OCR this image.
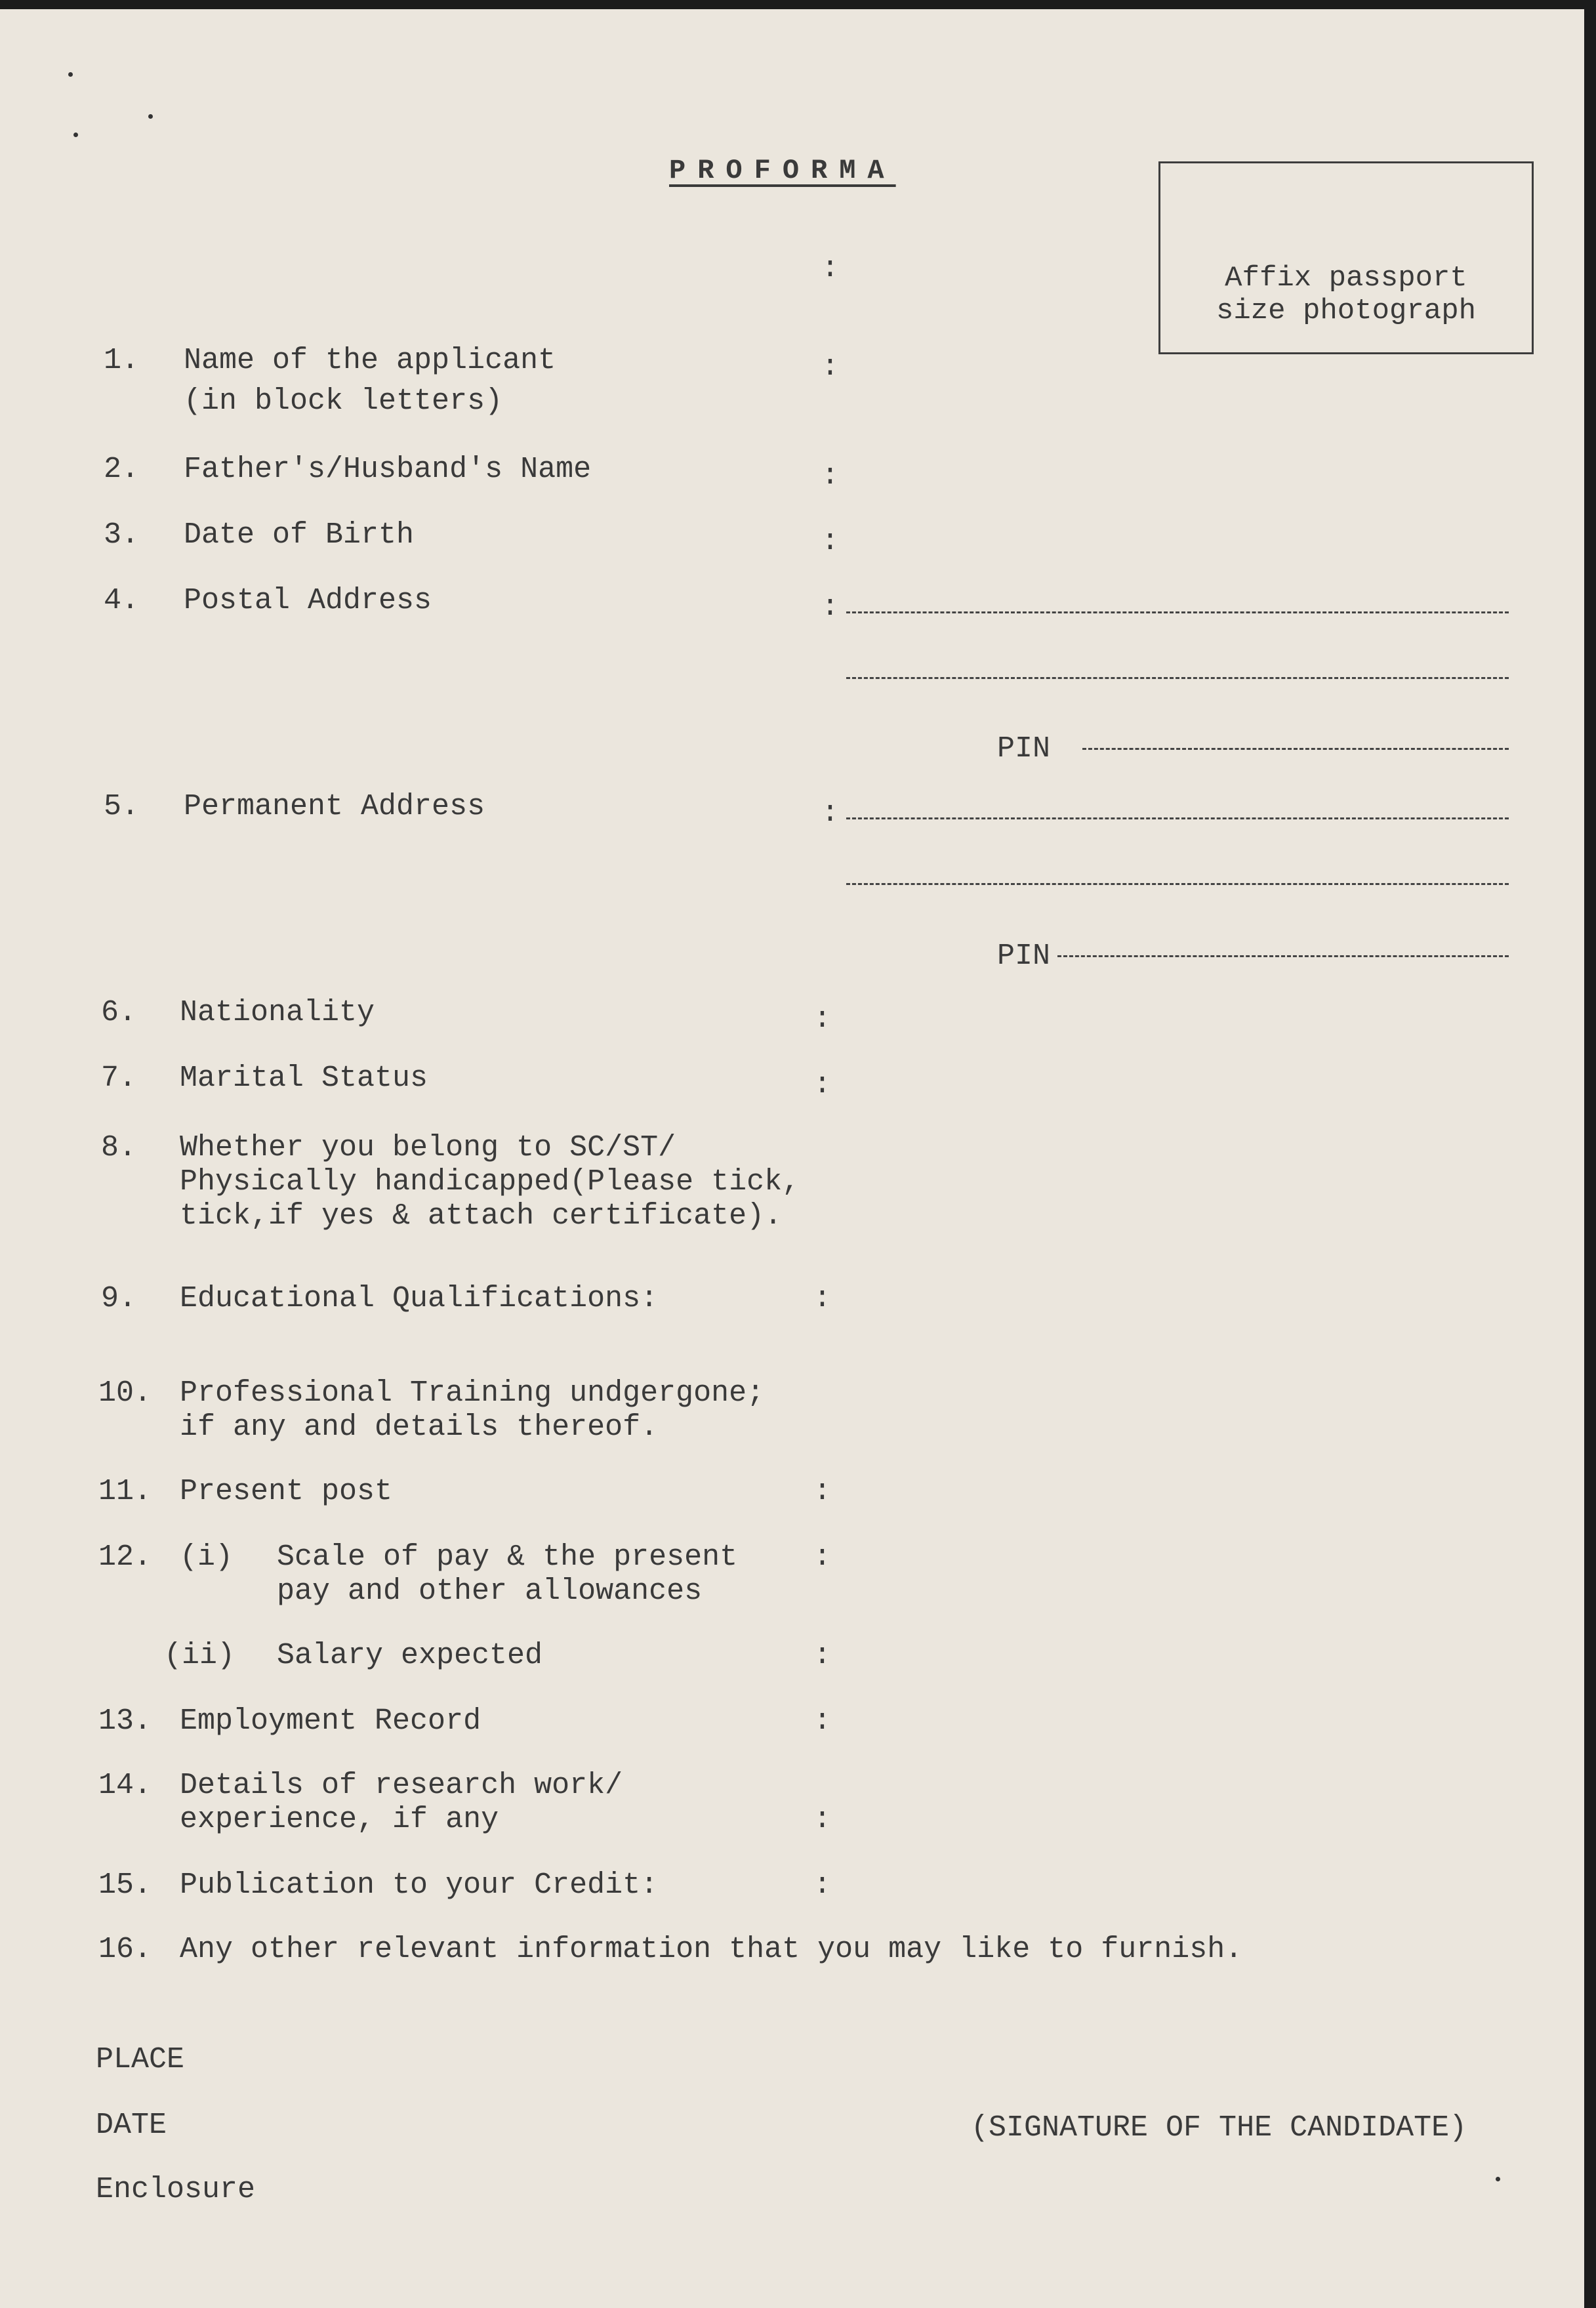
PROFORMA
Affix passport
size photograph
:
:
:
:
:
:
:
:
:
:
:
:
:
:
:
1. Name of the applicant
(in block letters)
2. Father's/Husband's Name
3. Date of Birth
4. Postal Address
PIN
5. Permanent Address
PIN
6. Nationality
7. Marital Status
8. Whether you belong to SC/ST/
Physically handicapped(Please tick,
tick,if yes & attach certificate).
9. Educational Qualifications:
10. Professional Training undgergone;
if any and details thereof.
11. Present post
12. (i) Scale of pay & the present
pay and other allowances
(ii) Salary expected
13. Employment Record
14. Details of research work/
experience, if any
15. Publication to your Credit:
16. Any other relevant information that you may like to furnish.
PLACE
DATE	(SIGNATURE OF THE CANDIDATE)
Enclosure
